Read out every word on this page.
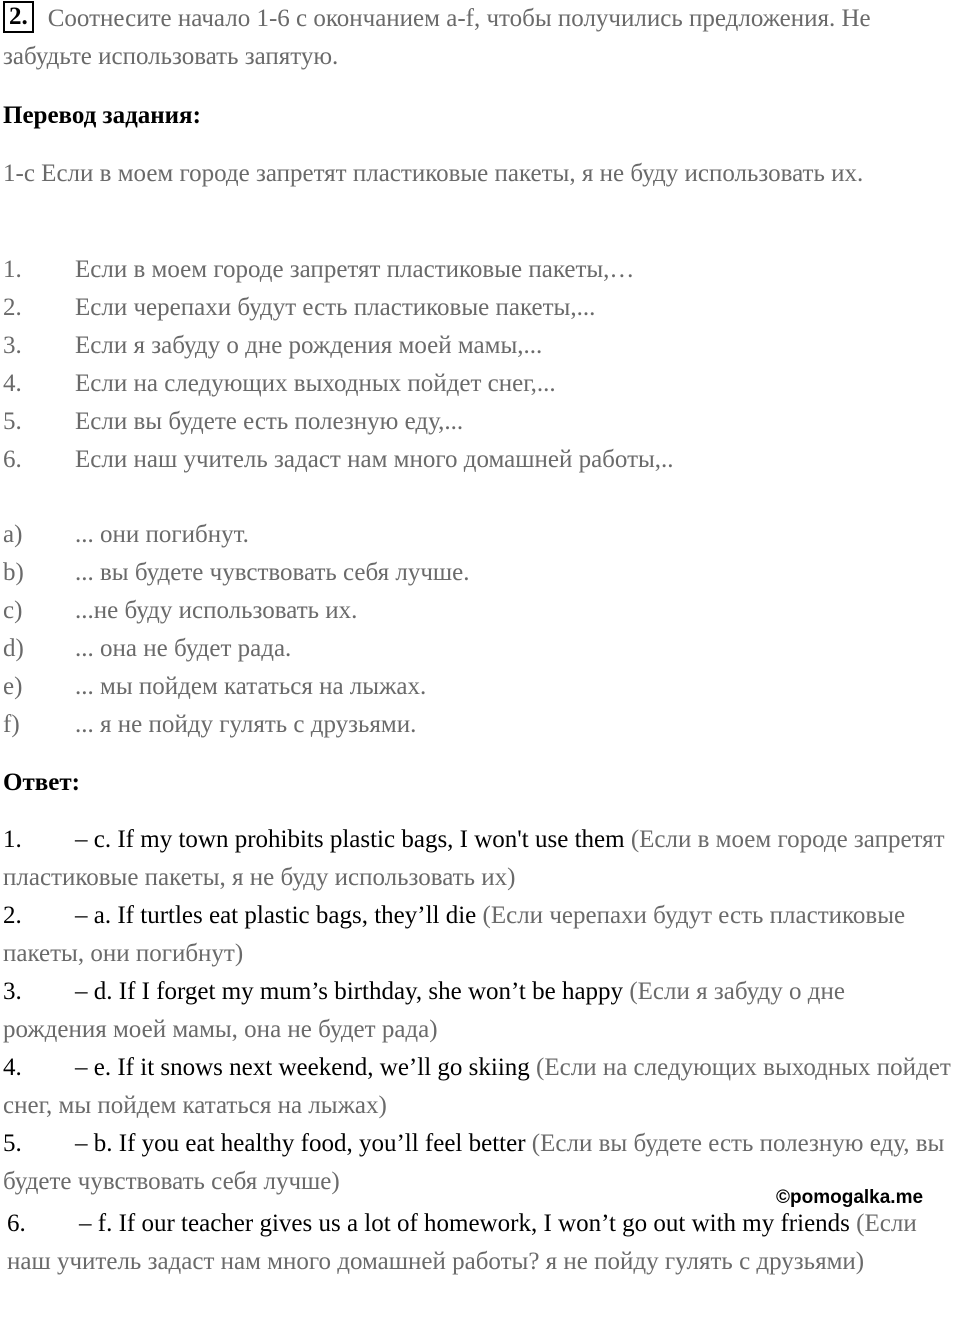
2. Соотнесите начало 1-6 с окончанием a-f, чтобы получились предложения. Не забудьте использовать запятую.
Перевод задания:
1-c Если в моем городе запретят пластиковые пакеты, я не буду использовать их.
1.	Если в моем городе запретят пластиковые пакеты,…
2.	Если черепахи будут есть пластиковые пакеты,...
3.	Если я забуду о дне рождения моей мамы,...
4.	Если на следующих выходных пойдет снег,...
5.	Если вы будете есть полезную еду,...
6.	Если наш учитель задаст нам много домашней работы,..
a)	... они погибнут.
b)	... вы будете чувствовать себя лучше.
c)	...не буду использовать их.
d)	... она не будет рада.
e)	... мы пойдем кататься на лыжах.
f)	... я не пойду гулять с друзьями.
Ответ:

1. – c. If my town prohibits plastic bags, I won't use them (Если в моем городе запретят пластиковые пакеты, я не буду использовать их)

2. – a. If turtles eat plastic bags, they’ll die (Если черепахи будут есть пластиковые пакеты, они погибнут)

3. – d. If I forget my mum’s birthday, she won’t be happy (Если я забуду о дне рождения моей мамы, она не будет рада)

4. – e. If it snows next weekend, we’ll go skiing (Если на следующих выходных пойдет снег, мы пойдем кататься на лыжах)

5. – b. If you eat healthy food, you’ll feel better (Если вы будете есть полезную еду, вы будете чувствовать себя лучше)

©pomogalka.me

6. – f. If our teacher gives us a lot of homework, I won’t go out with my friends (Если наш учитель задаст нам много домашней работы? я не пойду гулять с друзьями)
